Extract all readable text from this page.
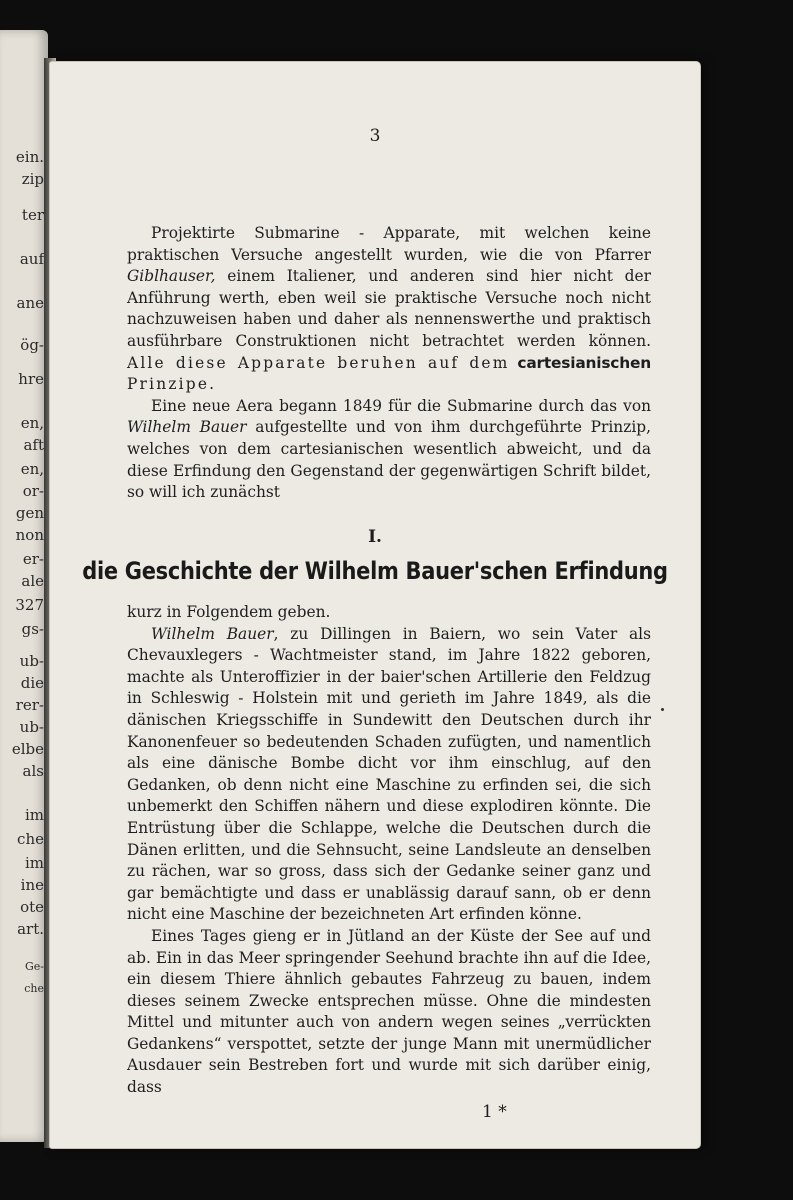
ein.
zip
ter
auf
ane
ög-
hre
en,
aft
en,
or-
gen
non
er-
ale
327
gs-
ub-
die
rer-
ub-
elbe
als
im
che
im
ine
ote
art.
Ge-
che
3

Projektirte Submarine - Apparate, mit welchen keine praktischen Versuche angestellt wurden, wie die von Pfarrer Giblhauser, einem Italiener, und anderen sind hier nicht der Anführung werth, eben weil sie praktische Versuche noch nicht nachzuweisen haben und daher als nennenswerthe und praktisch ausführbare Construktionen nicht betrachtet werden können. Alle diese Apparate beruhen auf dem cartesianischen Prinzipe.

Eine neue Aera begann 1849 für die Submarine durch das von Wilhelm Bauer aufgestellte und von ihm durchgeführte Prinzip, welches von dem cartesianischen wesentlich abweicht, und da diese Erfindung den Gegenstand der gegenwärtigen Schrift bildet, so will ich zunächst

I.
die Geschichte der Wilhelm Bauer'schen Erfindung

kurz in Folgendem geben.

Wilhelm Bauer, zu Dillingen in Baiern, wo sein Vater als Chevauxlegers - Wachtmeister stand, im Jahre 1822 geboren, machte als Unteroffizier in der baier'schen Artillerie den Feldzug in Schleswig - Holstein mit und gerieth im Jahre 1849, als die dänischen Kriegsschiffe in Sundewitt den Deutschen durch ihr Kanonenfeuer so bedeutenden Schaden zufügten, und namentlich als eine dänische Bombe dicht vor ihm einschlug, auf den Gedanken, ob denn nicht eine Maschine zu erfinden sei, die sich unbemerkt den Schiffen nähern und diese explodiren könnte. Die Entrüstung über die Schlappe, welche die Deutschen durch die Dänen erlitten, und die Sehnsucht, seine Landsleute an denselben zu rächen, war so gross, dass sich der Gedanke seiner ganz und gar bemächtigte und dass er unablässig darauf sann, ob er denn nicht eine Maschine der bezeichneten Art erfinden könne.

Eines Tages gieng er in Jütland an der Küste der See auf und ab. Ein in das Meer springender Seehund brachte ihn auf die Idee, ein diesem Thiere ähnlich gebautes Fahrzeug zu bauen, indem dieses seinem Zwecke entsprechen müsse. Ohne die mindesten Mittel und mitunter auch von andern wegen seines „verrückten Gedankens“ verspottet, setzte der junge Mann mit unermüdlicher Ausdauer sein Bestreben fort und wurde mit sich darüber einig, dass

1 *
